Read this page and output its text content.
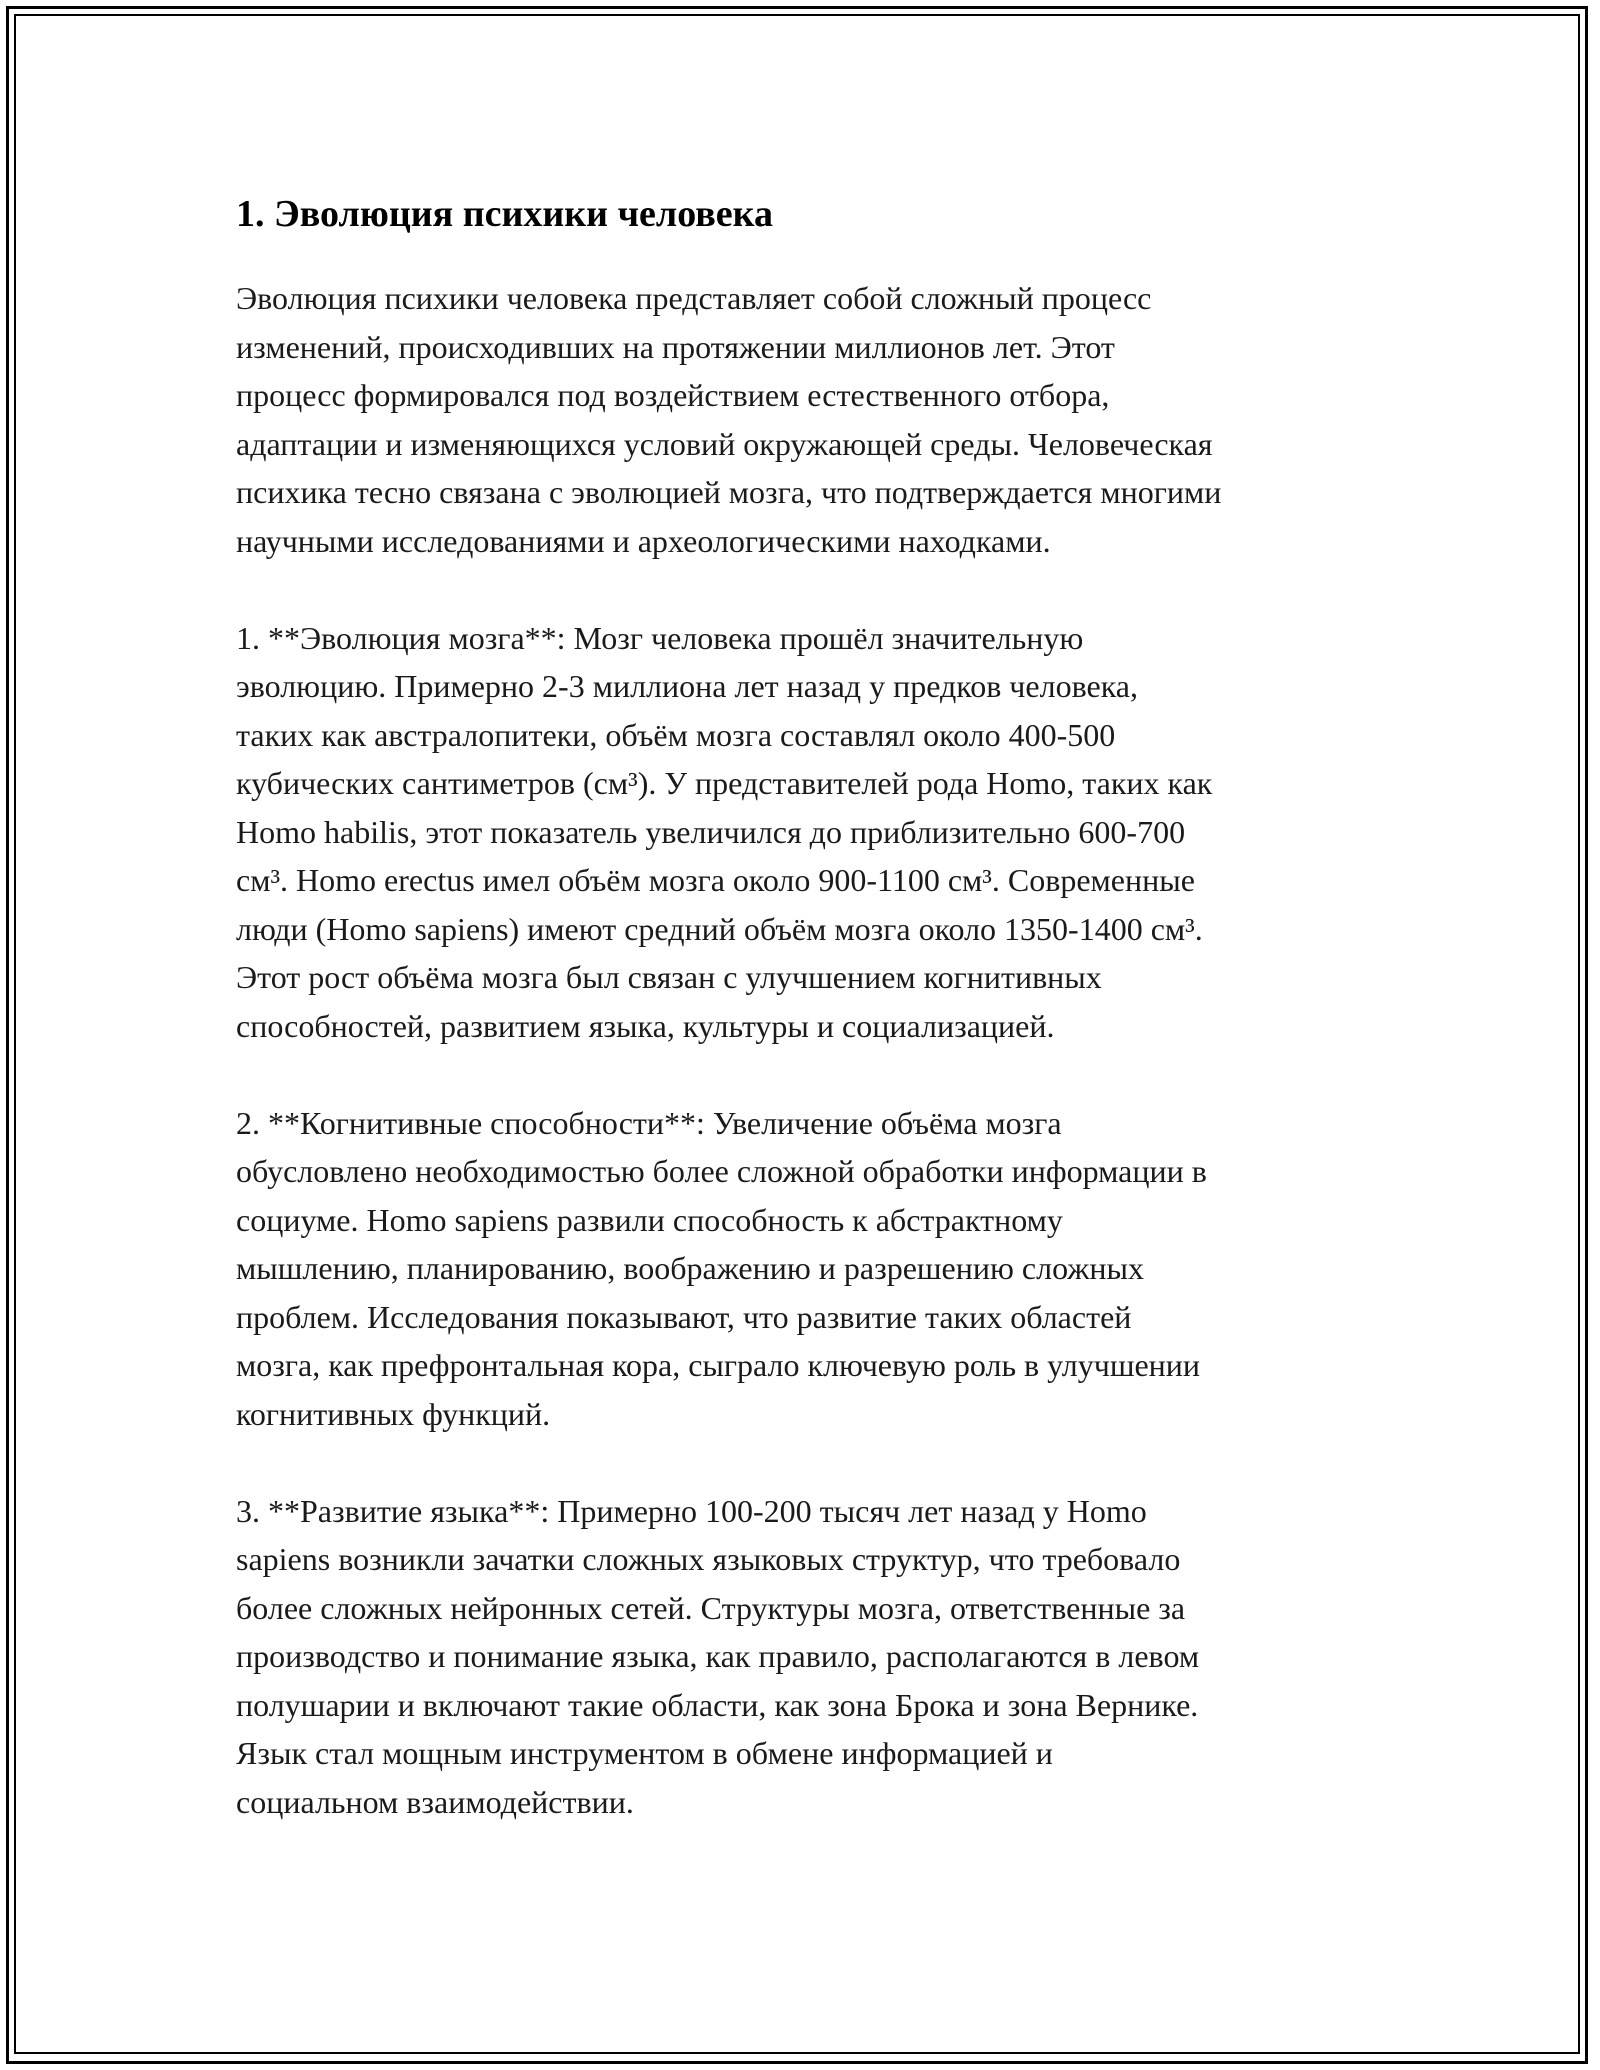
1. Эволюция психики человека

Эволюция психики человека представляет собой сложный процесс
изменений, происходивших на протяжении миллионов лет. Этот
процесс формировался под воздействием естественного отбора,
адаптации и изменяющихся условий окружающей среды. Человеческая
психика тесно связана с эволюцией мозга, что подтверждается многими
научными исследованиями и археологическими находками.

1. **Эволюция мозга**: Мозг человека прошёл значительную
эволюцию. Примерно 2-3 миллиона лет назад у предков человека,
таких как австралопитеки, объём мозга составлял около 400-500
кубических сантиметров (см³). У представителей рода Homo, таких как
Homo habilis, этот показатель увеличился до приблизительно 600-700
см³. Homo erectus имел объём мозга около 900-1100 см³. Современные
люди (Homo sapiens) имеют средний объём мозга около 1350-1400 см³.
Этот рост объёма мозга был связан с улучшением когнитивных
способностей, развитием языка, культуры и социализацией.

2. **Когнитивные способности**: Увеличение объёма мозга
обусловлено необходимостью более сложной обработки информации в
социуме. Homo sapiens развили способность к абстрактному
мышлению, планированию, воображению и разрешению сложных
проблем. Исследования показывают, что развитие таких областей
мозга, как префронтальная кора, сыграло ключевую роль в улучшении
когнитивных функций.

3. **Развитие языка**: Примерно 100-200 тысяч лет назад у Homo
sapiens возникли зачатки сложных языковых структур, что требовало
более сложных нейронных сетей. Структуры мозга, ответственные за
производство и понимание языка, как правило, располагаются в левом
полушарии и включают такие области, как зона Брока и зона Вернике.
Язык стал мощным инструментом в обмене информацией и
социальном взаимодействии.
